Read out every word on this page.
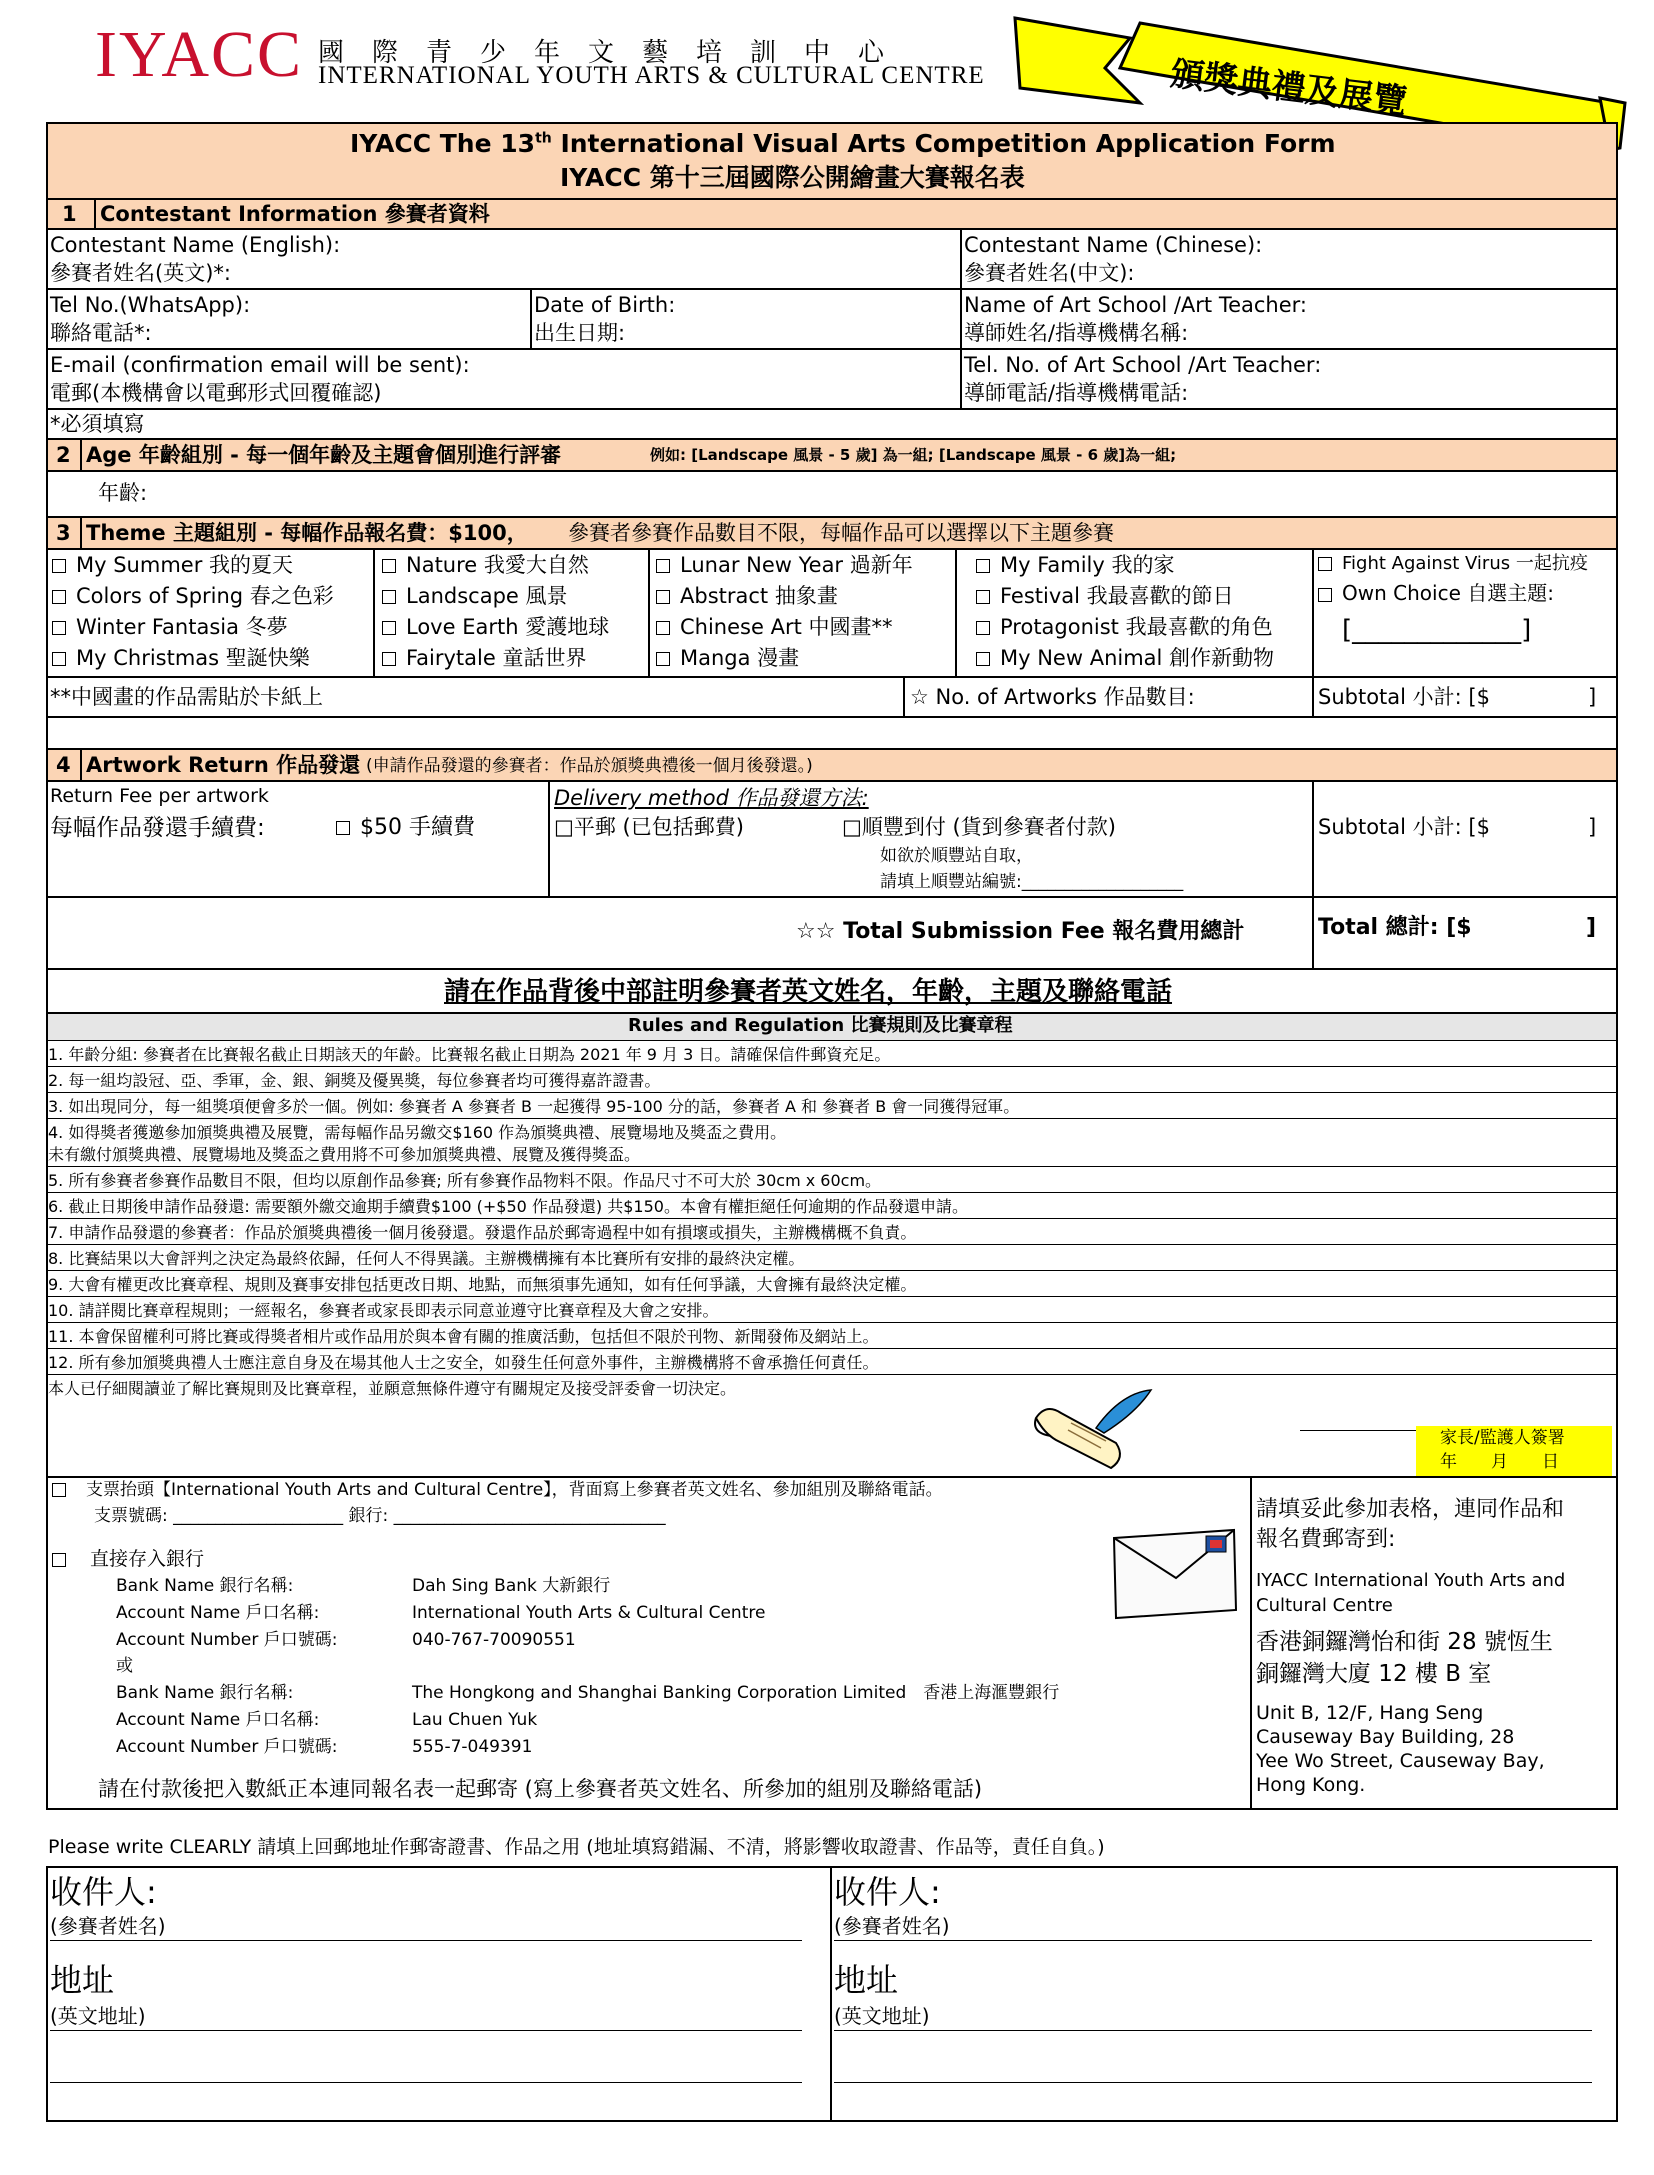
IYACC 國際青少年文藝培訓中心
INTERNATIONAL YOUTH ARTS & CULTURAL CENTRE	頒獎典禮及展覽
IYACC The 13th International Visual Arts Competition Application Form
IYACC 第十三屆國際公開繪畫大賽報名表
1 Contestant Information 參賽者資料
Contestant Name (English):
參賽者姓名(英文)*:
Contestant Name (Chinese):
參賽者姓名(中文):
Tel No.(WhatsApp):
聯絡電話*:
Date of Birth:
出生日期:
Name of Art School /Art Teacher:
導師姓名/指導機構名稱:
E-mail (confirmation email will be sent):
電郵(本機構會以電郵形式回覆確認)
Tel. No. of Art School /Art Teacher:
導師電話/指導機構電話:
*必須填寫
2 Age 年齡組別 - 每一個年齡及主題會個別進行評審	例如: [Landscape 風景 - 5 歲] 為一組; [Landscape 風景 - 6 歲]為一組;
年齡:
3 Theme 主題組別 - 每幅作品報名費：$100， 參賽者參賽作品數目不限，每幅作品可以選擇以下主題參賽
My Summer 我的夏天
Colors of Spring 春之色彩
Winter Fantasia 冬夢
My Christmas 聖誕快樂
Nature 我愛大自然
Landscape 風景
Love Earth 愛護地球
Fairytale 童話世界
Lunar New Year 過新年
Abstract 抽象畫
Chinese Art 中國畫**
Manga 漫畫
My Family 我的家
Festival 我最喜歡的節日
Protagonist 我最喜歡的角色
My New Animal 創作新動物
Fight Against Virus 一起抗疫
Own Choice 自選主題:
[_____________]
**中國畫的作品需貼於卡紙上	☆ No. of Artworks 作品數目:	Subtotal 小計: [$	]
4 Artwork Return 作品發還 (申請作品發還的參賽者：作品於頒獎典禮後一個月後發還。)
Return Fee per artwork
每幅作品發還手續費:	$50 手續費
Delivery method 作品發還方法:
□平郵 (已包括郵費)	□順豐到付 (貨到參賽者付款)
如欲於順豐站自取，
請填上順豐站編號:___________________
Subtotal 小計: [$	]
☆☆ Total Submission Fee 報名費用總計	Total 總計: [$	]
請在作品背後中部註明參賽者英文姓名，年齡，主題及聯絡電話
Rules and Regulation 比賽規則及比賽章程
1. 年齡分組: 參賽者在比賽報名截止日期該天的年齡。比賽報名截止日期為 2021 年 9 月 3 日。請確保信件郵資充足。
2. 每一組均設冠、亞、季軍，金、銀、銅獎及優異獎，每位參賽者均可獲得嘉許證書。
3. 如出現同分，每一組獎項便會多於一個。例如: 參賽者 A 參賽者 B 一起獲得 95-100 分的話，參賽者 A 和 參賽者 B 會一同獲得冠軍。
4. 如得獎者獲邀參加頒獎典禮及展覽，需每幅作品另繳交$160 作為頒獎典禮、展覽場地及獎盃之費用。
未有繳付頒獎典禮、展覽場地及獎盃之費用將不可參加頒獎典禮、展覽及獲得獎盃。
5. 所有參賽者參賽作品數目不限，但均以原創作品參賽; 所有參賽作品物料不限。作品尺寸不可大於 30cm x 60cm。
6. 截止日期後申請作品發還: 需要額外繳交逾期手續費$100 (+$50 作品發還) 共$150。本會有權拒絕任何逾期的作品發還申請。
7. 申請作品發還的參賽者：作品於頒獎典禮後一個月後發還。發還作品於郵寄過程中如有損壞或損失，主辦機構概不負責。
8. 比賽結果以大會評判之決定為最終依歸，任何人不得異議。主辦機構擁有本比賽所有安排的最終決定權。
9. 大會有權更改比賽章程、規則及賽事安排包括更改日期、地點，而無須事先通知，如有任何爭議，大會擁有最終決定權。
10. 請詳閱比賽章程規則；一經報名，參賽者或家長即表示同意並遵守比賽章程及大會之安排。
11. 本會保留權利可將比賽或得獎者相片或作品用於與本會有關的推廣活動，包括但不限於刊物、新聞發佈及網站上。
12. 所有參加頒獎典禮人士應注意自身及在場其他人士之安全，如發生任何意外事件，主辦機構將不會承擔任何責任。
本人已仔細閱讀並了解比賽規則及比賽章程，並願意無條件遵守有關規定及接受評委會一切決定。
家長/監護人簽署
年　　月　　日
支票抬頭【International Youth Arts and Cultural Centre】，背面寫上參賽者英文姓名、參加組別及聯絡電話。
支票號碼: ____________________ 銀行: ________________________________
直接存入銀行
Bank Name 銀行名稱:	Dah Sing Bank 大新銀行
Account Name 戶口名稱:	International Youth Arts & Cultural Centre
Account Number 戶口號碼:	040-767-70090551
或
Bank Name 銀行名稱:	The Hongkong and Shanghai Banking Corporation Limited　香港上海滙豐銀行
Account Name 戶口名稱:	Lau Chuen Yuk
Account Number 戶口號碼:	555-7-049391
請在付款後把入數紙正本連同報名表一起郵寄 (寫上參賽者英文姓名、所參加的組別及聯絡電話)
請填妥此參加表格，連同作品和
報名費郵寄到:
IYACC International Youth Arts and
Cultural Centre
香港銅鑼灣怡和街 28 號恆生
銅鑼灣大廈 12 樓 B 室
Unit B, 12/F, Hang Seng
Causeway Bay Building, 28
Yee Wo Street, Causeway Bay,
Hong Kong.
Please write CLEARLY 請填上回郵地址作郵寄證書、作品之用 (地址填寫錯漏、不清，將影響收取證書、作品等，責任自負。)
收件人:
(參賽者姓名)
地址
(英文地址)
收件人:
(參賽者姓名)
地址
(英文地址)
